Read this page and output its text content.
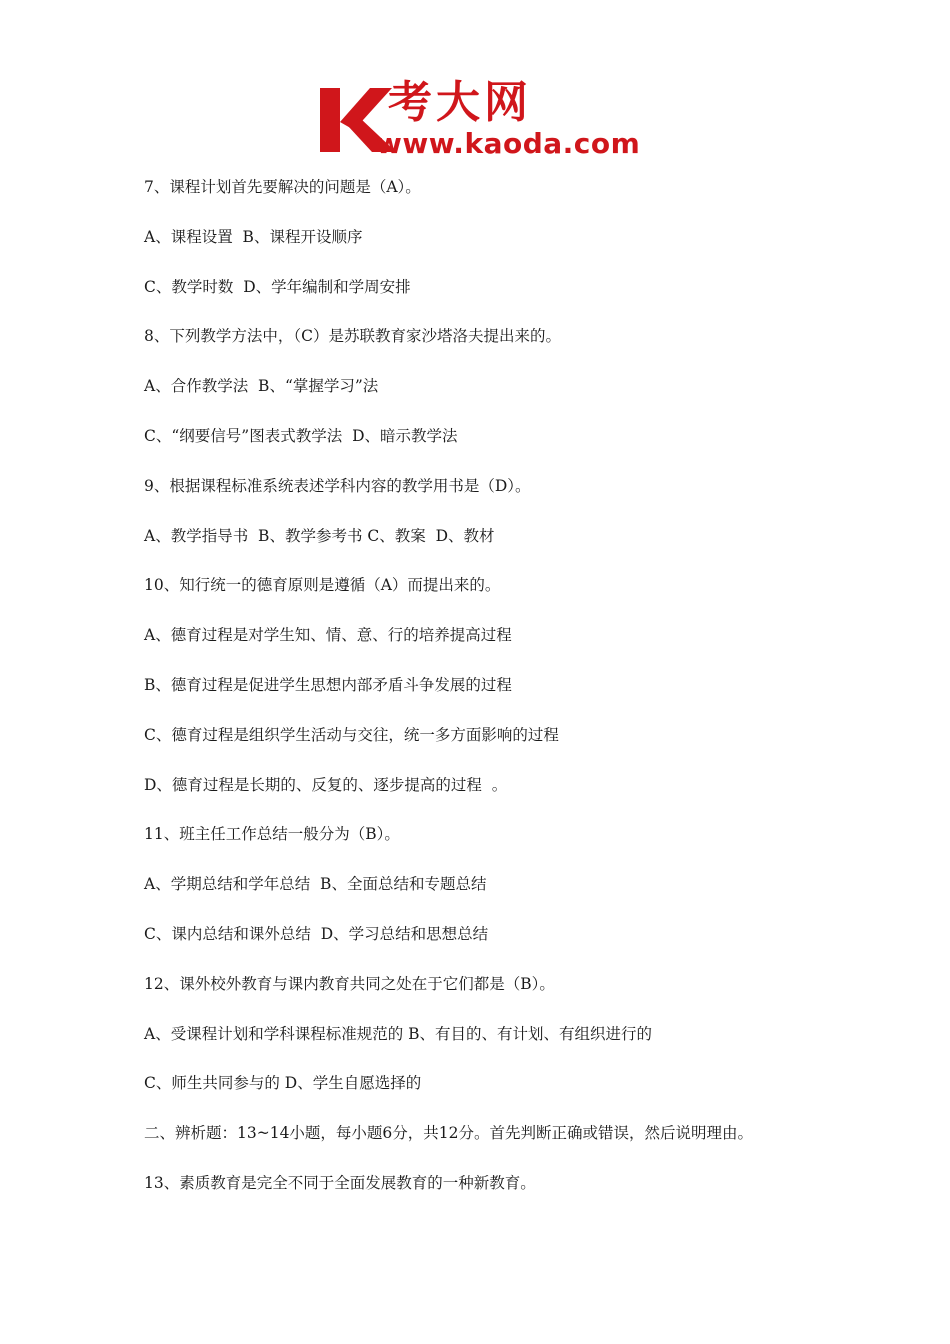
考大网
www.kaoda.com
7、课程计划首先要解决的问题是（A）。
A、课程设置  B、课程开设顺序
C、教学时数  D、学年编制和学周安排
8、下列教学方法中，（C）是苏联教育家沙塔洛夫提出来的。
A、合作教学法  B、“掌握学习”法
C、“纲要信号”图表式教学法  D、暗示教学法
9、根据课程标准系统表述学科内容的教学用书是（D）。
A、教学指导书  B、教学参考书 C、教案  D、教材
10、知行统一的德育原则是遵循（A）而提出来的。
A、德育过程是对学生知、情、意、行的培养提高过程
B、德育过程是促进学生思想内部矛盾斗争发展的过程
C、德育过程是组织学生活动与交往，统一多方面影响的过程
D、德育过程是长期的、反复的、逐步提高的过程  。
11、班主任工作总结一般分为（B）。
A、学期总结和学年总结  B、全面总结和专题总结
C、课内总结和课外总结  D、学习总结和思想总结
12、课外校外教育与课内教育共同之处在于它们都是（B）。
A、受课程计划和学科课程标准规范的 B、有目的、有计划、有组织进行的
C、师生共同参与的 D、学生自愿选择的
二、辨析题：13~14小题，每小题6分，共12分。首先判断正确或错误，然后说明理由。
13、素质教育是完全不同于全面发展教育的一种新教育。
